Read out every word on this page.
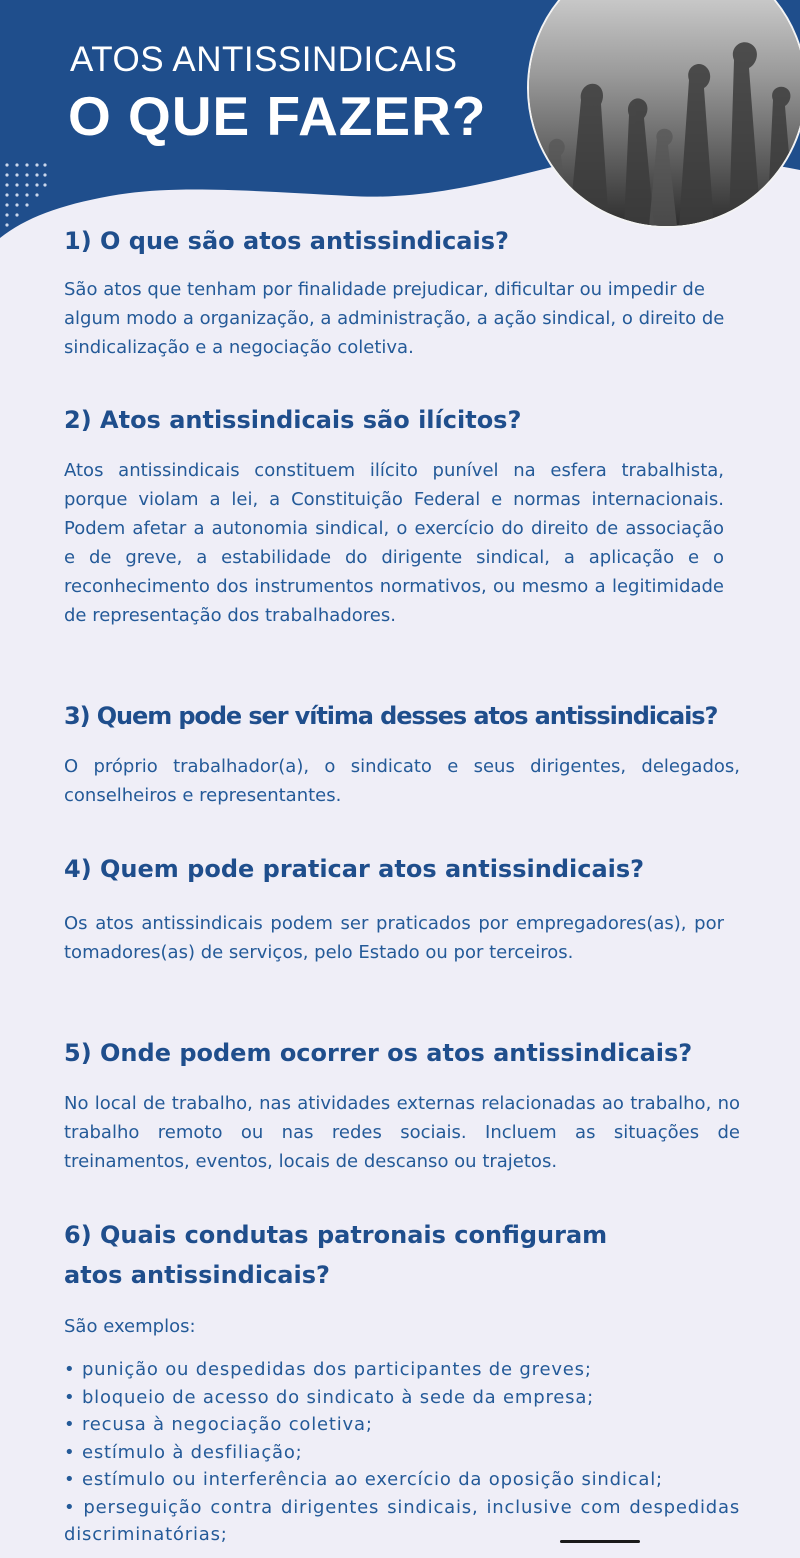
ATOS ANTISSINDICAIS
O QUE FAZER?
1) O que são atos antissindicais?

São atos que tenham por finalidade prejudicar, dificultar ou impedir de algum modo a organização, a administração, a ação sindical, o direito de sindicalização e a negociação coletiva.

2) Atos antissindicais são ilícitos?

Atos antissindicais constituem ilícito punível na esfera trabalhista, porque violam a lei, a Constituição Federal e normas internacionais. Podem afetar a autonomia sindical, o exercício do direito de associação e de greve, a estabilidade do dirigente sindical, a aplicação e o reconhecimento dos instrumentos normativos, ou mesmo a legitimidade de representação dos trabalhadores.

3) Quem pode ser vítima desses atos antissindicais?

O próprio trabalhador(a), o sindicato e seus dirigentes, delegados, conselheiros e representantes.

4) Quem pode praticar atos antissindicais?

Os atos antissindicais podem ser praticados por empregadores(as), por tomadores(as) de serviços, pelo Estado ou por terceiros.

5) Onde podem ocorrer os atos antissindicais?

No local de trabalho, nas atividades externas relacionadas ao trabalho, no trabalho remoto ou nas redes sociais. Incluem as situações de treinamentos, eventos, locais de descanso ou trajetos.

6) Quais condutas patronais configuram
atos antissindicais?

São exemplos:

• punição ou despedidas dos participantes de greves;
• bloqueio de acesso do sindicato à sede da empresa;
• recusa à negociação coletiva;
• estímulo à desfiliação;
• estímulo ou interferência ao exercício da oposição sindical;
• perseguição contra dirigentes sindicais, inclusive com despedidas discriminatórias;
